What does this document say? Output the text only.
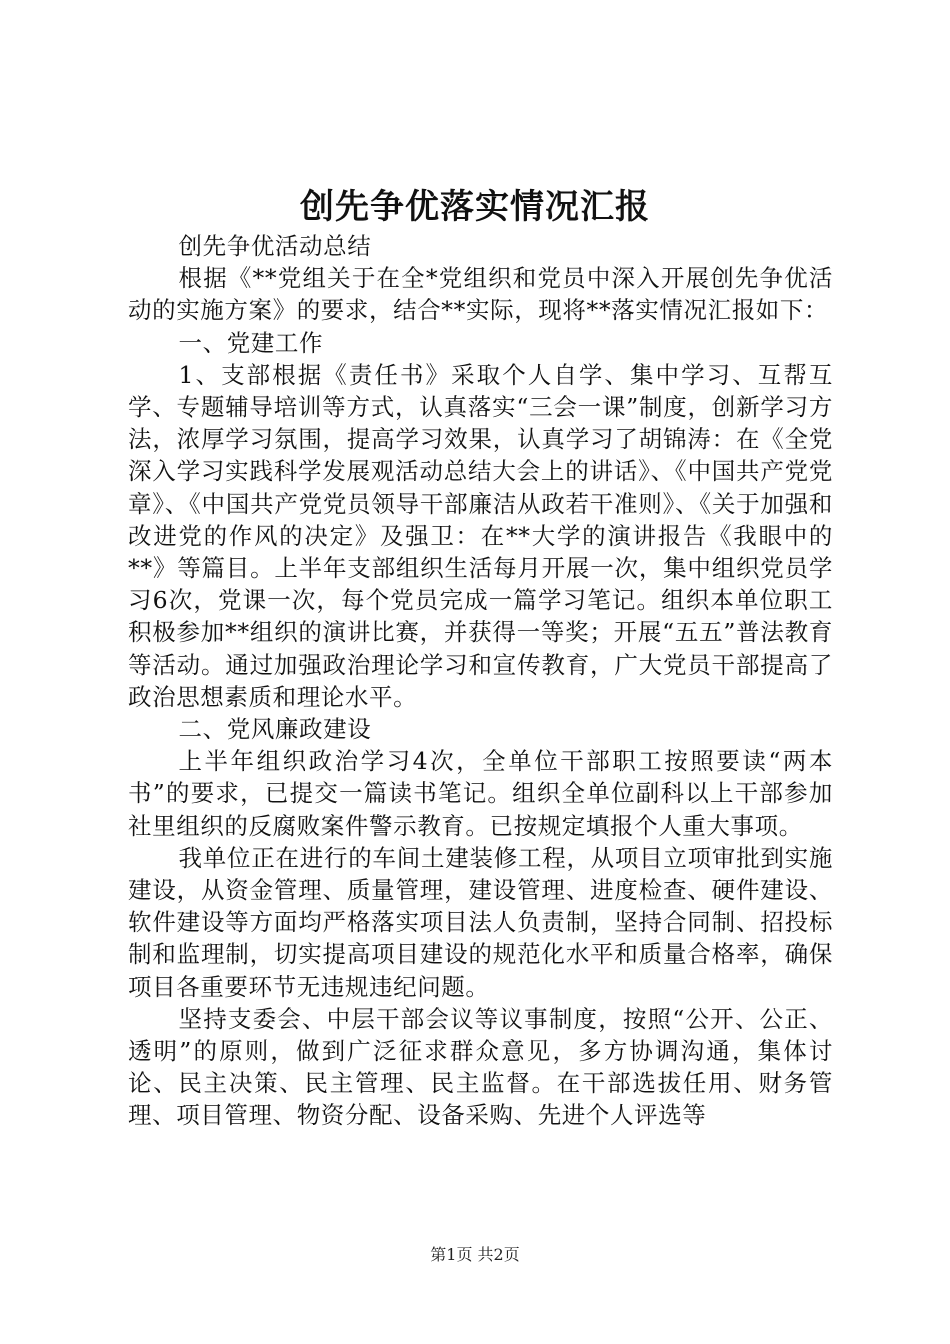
创先争优落实情况汇报

创先争优活动总结

根据《**党组关于在全*党组织和党员中深入开展创先争优活动的实施方案》的要求，结合**实际，现将**落实情况汇报如下：

一、党建工作

1、支部根据《责任书》采取个人自学、集中学习、互帮互学、专题辅导培训等方式，认真落实“三会一课”制度，创新学习方法，浓厚学习氛围，提高学习效果，认真学习了胡锦涛：在《全党深入学习实践科学发展观活动总结大会上的讲话》、《中国共产党党章》、《中国共产党党员领导干部廉洁从政若干准则》、《关于加强和改进党的作风的决定》及强卫：在**大学的演讲报告《我眼中的**》等篇目。上半年支部组织生活每月开展一次，集中组织党员学习6次，党课一次，每个党员完成一篇学习笔记。组织本单位职工积极参加**组织的演讲比赛，并获得一等奖；开展“五五”普法教育等活动。通过加强政治理论学习和宣传教育，广大党员干部提高了政治思想素质和理论水平。

二、党风廉政建设

上半年组织政治学习4次，全单位干部职工按照要读“两本书”的要求，已提交一篇读书笔记。组织全单位副科以上干部参加社里组织的反腐败案件警示教育。已按规定填报个人重大事项。

我单位正在进行的车间土建装修工程，从项目立项审批到实施建设，从资金管理、质量管理，建设管理、进度检查、硬件建设、软件建设等方面均严格落实项目法人负责制，坚持合同制、招投标制和监理制，切实提高项目建设的规范化水平和质量合格率，确保项目各重要环节无违规违纪问题。

坚持支委会、中层干部会议等议事制度，按照“公开、公正、透明”的原则，做到广泛征求群众意见，多方协调沟通，集体讨论、民主决策、民主管理、民主监督。在干部选拔任用、财务管理、项目管理、物资分配、设备采购、先进个人评选等

第1页 共2页
